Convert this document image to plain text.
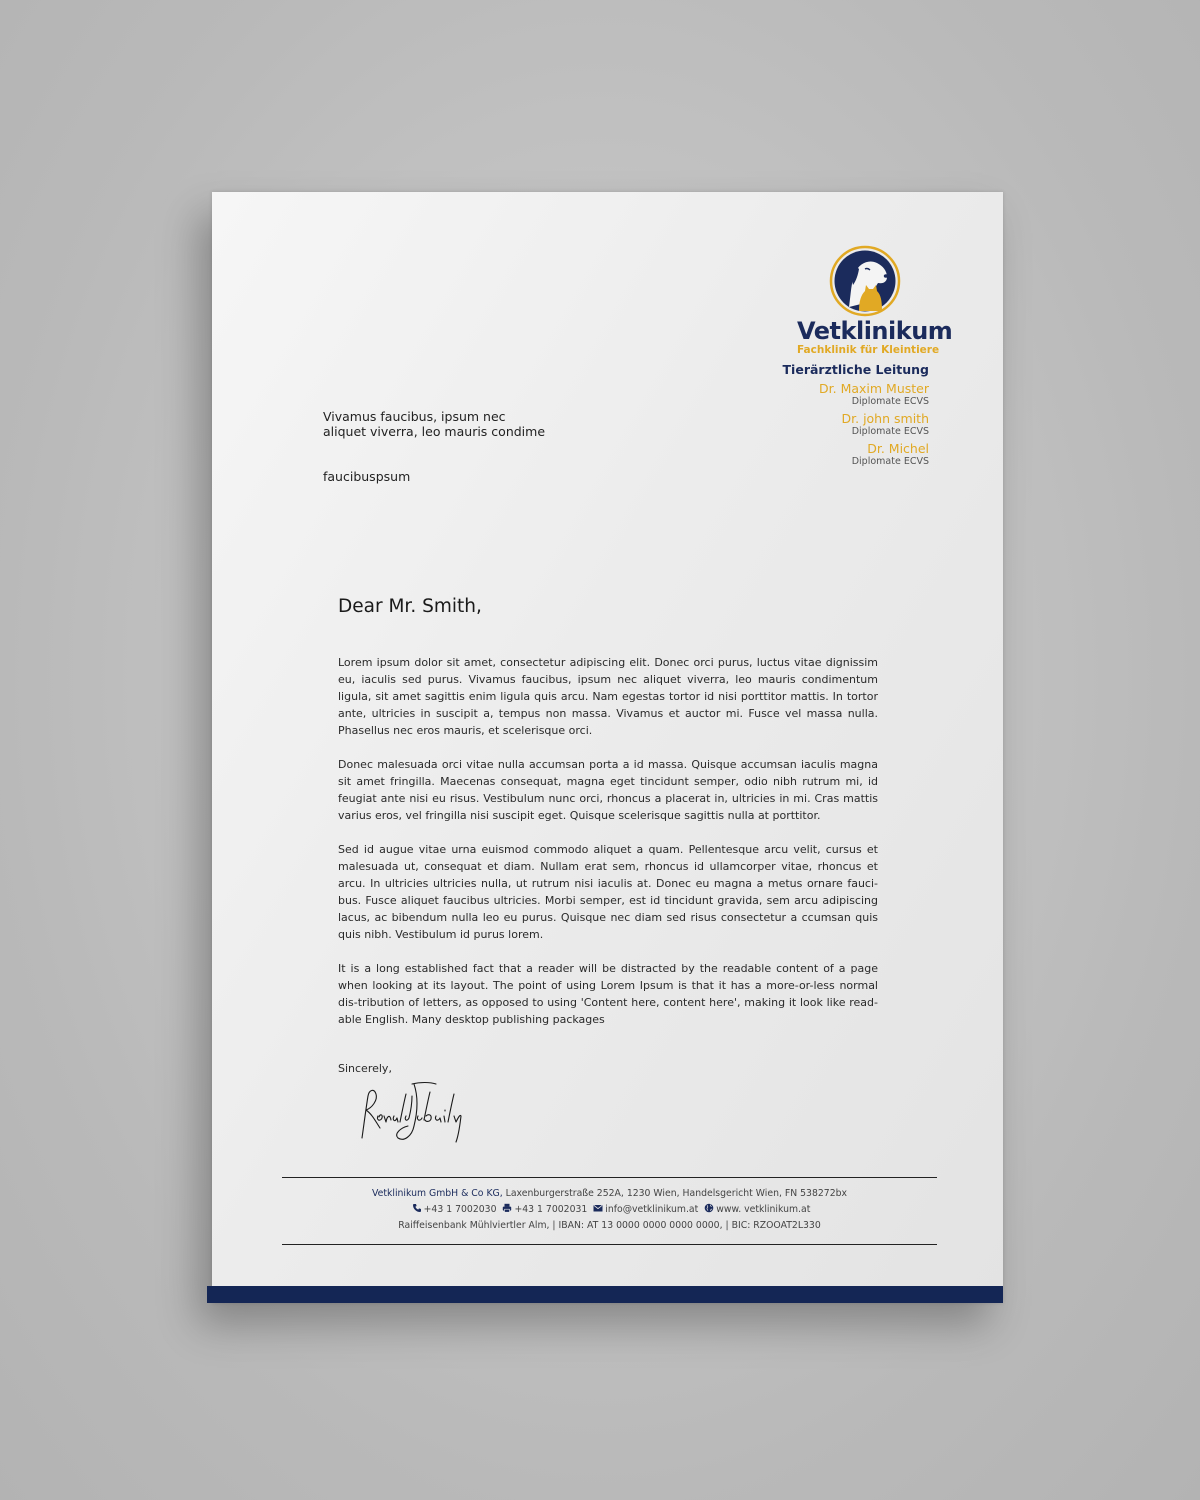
Vetklinikum
Fachklinik für Kleintiere
Tierärztliche Leitung
Dr. Maxim Muster
Diplomate ECVS
Dr. john smith
Diplomate ECVS
Dr. Michel
Diplomate ECVS
Vivamus faucibus, ipsum nec
aliquet viverra, leo mauris condime
faucibuspsum
Dear Mr. Smith,

Lorem ipsum dolor sit amet, consectetur adipiscing elit. Donec orci purus, luctus vitae dignissim eu, iaculis sed purus. Vivamus faucibus, ipsum nec aliquet viverra, leo mauris condimentum ligula, sit amet sagittis enim ligula quis arcu. Nam egestas tortor id nisi porttitor mattis. In tortor ante, ultricies in suscipit a, tempus non massa. Vivamus et auctor mi. Fusce vel massa nulla. Phasellus nec eros mauris, et scelerisque orci.

Donec malesuada orci vitae nulla accumsan porta a id massa. Quisque accumsan iaculis magna sit amet fringilla. Maecenas consequat, magna eget tincidunt semper, odio nibh rutrum mi, id feugiat ante nisi eu risus. Vestibulum nunc orci, rhoncus a placerat in, ultricies in mi. Cras mattis varius eros, vel fringilla nisi suscipit eget. Quisque scelerisque sagittis nulla at porttitor.

Sed id augue vitae urna euismod commodo aliquet a quam. Pellentesque arcu velit, cursus et malesuada ut, consequat et diam. Nullam erat sem, rhoncus id ullamcorper vitae, rhoncus et arcu. In ultricies ultricies nulla, ut rutrum nisi iaculis at. Donec eu magna a metus ornare fauci-bus. Fusce aliquet faucibus ultricies. Morbi semper, est id tincidunt gravida, sem arcu adipiscing lacus, ac bibendum nulla leo eu purus. Quisque nec diam sed risus consectetur a ccumsan quis quis nibh. Vestibulum id purus lorem.

It is a long established fact that a reader will be distracted by the readable content of a page when looking at its layout. The point of using Lorem Ipsum is that it has a more-or-less normal dis-tribution of letters, as opposed to using 'Content here, content here', making it look like read-able English. Many desktop publishing packages

Sincerely,
Vetklinikum GmbH & Co KG, Laxenburgerstraße 252A, 1230 Wien, Handelsgericht Wien, FN 538272bx
+43 1 7002030 +43 1 7002031 info@vetklinikum.at www. vetklinikum.at
Raiffeisenbank Mühlviertler Alm, | IBAN: AT 13 0000 0000 0000 0000, | BIC: RZOOAT2L330
